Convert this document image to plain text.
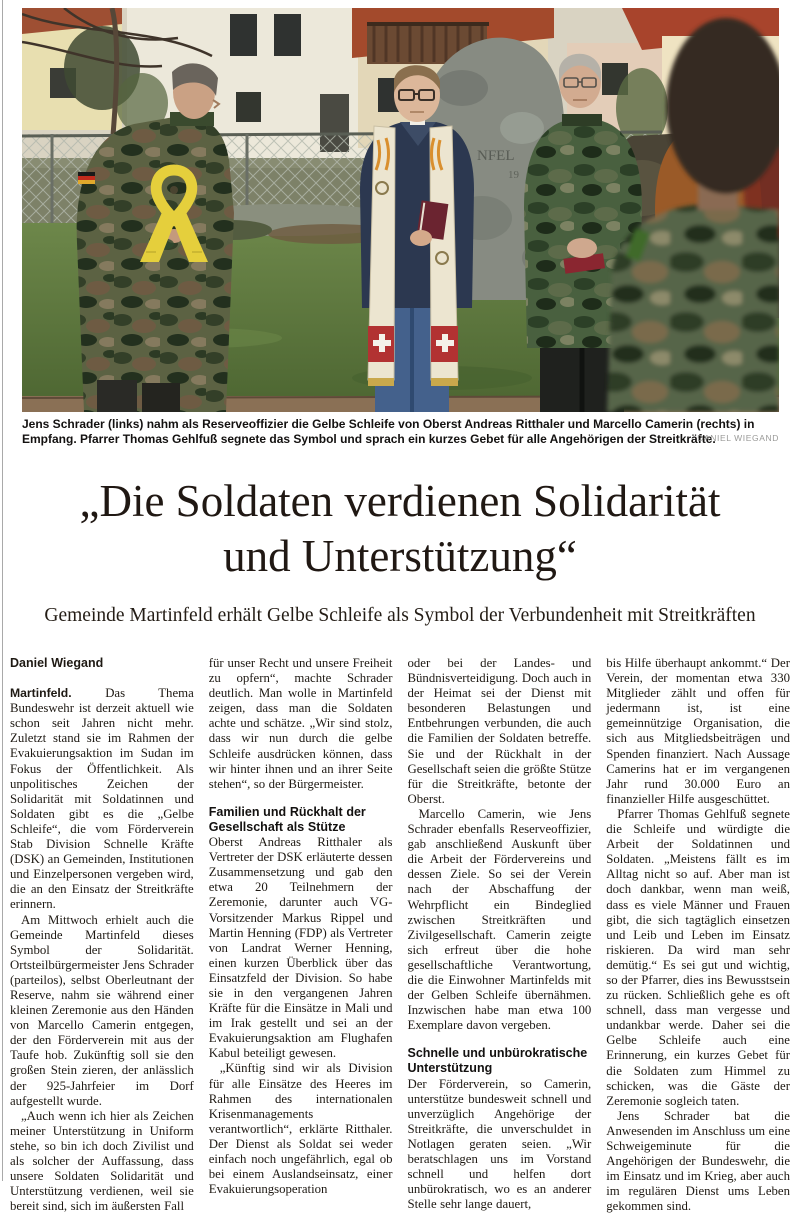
NFEL
19
Jens Schrader (links) nahm als Reserveoffizier die Gelbe Schleife von Oberst Andreas Ritthaler und Marcello Camerin (rechts) in Empfang. Pfarrer Thomas Gehlfuß segnete das Symbol und sprach ein kurzes Gebet für alle Angehörigen der Streitkräfte.
DANIEL WIEGAND
„Die Soldaten verdienen Solidarität
und Unterstützung“
Gemeinde Martinfeld erhält Gelbe Schleife als Symbol der Verbundenheit mit Streitkräften
Daniel Wiegand

Martinfeld. Das Thema Bundeswehr ist derzeit aktuell wie schon seit Jahren nicht mehr. Zuletzt stand sie im Rahmen der Evakuierungsaktion im Sudan im Fokus der Öffentlichkeit. Als unpolitisches Zeichen der Solidarität mit Soldatinnen und Soldaten gibt es die „Gelbe Schleife“, die vom Förderverein Stab Division Schnelle Kräfte (DSK) an Gemeinden, Institutionen und Einzelpersonen vergeben wird, die an den Einsatz der Streitkräfte erinnern.

Am Mittwoch erhielt auch die Gemeinde Martinfeld dieses Symbol der Solidarität. Ortsteilbürgermeister Jens Schrader (parteilos), selbst Oberleutnant der Reserve, nahm sie während einer kleinen Zeremonie aus den Händen von Marcello Camerin entgegen, der den Förderverein mit aus der Taufe hob. Zukünftig soll sie den großen Stein zieren, der anlässlich der 925-Jahrfeier im Dorf aufgestellt wurde.

„Auch wenn ich hier als Zeichen meiner Unterstützung in Uniform stehe, so bin ich doch Zivilist und als solcher der Auffassung, dass unsere Soldaten Solidarität und Unterstützung verdienen, weil sie bereit sind, sich im äußersten Fall

für unser Recht und unsere Freiheit zu opfern“, machte Schrader deutlich. Man wolle in Martinfeld zeigen, dass man die Soldaten achte und schätze. „Wir sind stolz, dass wir nun durch die gelbe Schleife ausdrücken können, dass wir hinter ihnen und an ihrer Seite stehen“, so der Bürgermeister.

Familien und Rückhalt der Gesellschaft als Stütze

Oberst Andreas Ritthaler als Vertreter der DSK erläuterte dessen Zusammensetzung und gab den etwa 20 Teilnehmern der Zeremonie, darunter auch VG-Vorsitzender Markus Rippel und Martin Henning (FDP) als Vertreter von Landrat Werner Henning, einen kurzen Überblick über das Einsatzfeld der Division. So habe sie in den vergangenen Jahren Kräfte für die Einsätze in Mali und im Irak gestellt und sei an der Evakuierungsaktion am Flughafen Kabul beteiligt gewesen.

„Künftig sind wir als Division für alle Einsätze des Heeres im Rahmen des internationalen Krisenmanagements verantwortlich“, erklärte Ritthaler. Der Dienst als Soldat sei weder einfach noch ungefährlich, egal ob bei einem Auslandseinsatz, einer Evakuierungsoperation

oder bei der Landes- und Bündnisverteidigung. Doch auch in der Heimat sei der Dienst mit besonderen Belastungen und Entbehrungen verbunden, die auch die Familien der Soldaten betreffe. Sie und der Rückhalt in der Gesellschaft seien die größte Stütze für die Streitkräfte, betonte der Oberst.

Marcello Camerin, wie Jens Schrader ebenfalls Reserveoffizier, gab anschließend Auskunft über die Arbeit der Fördervereins und dessen Ziele. So sei der Verein nach der Abschaffung der Wehrpflicht ein Bindeglied zwischen Streitkräften und Zivilgesellschaft. Camerin zeigte sich erfreut über die hohe gesellschaftliche Verantwortung, die die Einwohner Martinfelds mit der Gelben Schleife übernähmen. Inzwischen habe man etwa 100 Exemplare davon vergeben.

Schnelle und unbürokratische Unterstützung

Der Förderverein, so Camerin, unterstütze bundesweit schnell und unverzüglich Angehörige der Streitkräfte, die unverschuldet in Notlagen geraten seien. „Wir beratschlagen uns im Vorstand schnell und helfen dort unbürokratisch, wo es an anderer Stelle sehr lange dauert,

bis Hilfe überhaupt ankommt.“ Der Verein, der momentan etwa 330 Mitglieder zählt und offen für jedermann ist, ist eine gemeinnützige Organisation, die sich aus Mitgliedsbeiträgen und Spenden finanziert. Nach Aussage Camerins hat er im vergangenen Jahr rund 30.000 Euro an finanzieller Hilfe ausgeschüttet.

Pfarrer Thomas Gehlfuß segnete die Schleife und würdigte die Arbeit der Soldatinnen und Soldaten. „Meistens fällt es im Alltag nicht so auf. Aber man ist doch dankbar, wenn man weiß, dass es viele Männer und Frauen gibt, die sich tagtäglich einsetzen und Leib und Leben im Einsatz riskieren. Da wird man sehr demütig.“ Es sei gut und wichtig, so der Pfarrer, dies ins Bewusstsein zu rücken. Schließlich gehe es oft schnell, dass man vergesse und undankbar werde. Daher sei die Gelbe Schleife auch eine Erinnerung, ein kurzes Gebet für die Soldaten zum Himmel zu schicken, was die Gäste der Zeremonie sogleich taten.

Jens Schrader bat die Anwesenden im Anschluss um eine Schweigeminute für die Angehörigen der Bundeswehr, die im Einsatz und im Krieg, aber auch im regulären Dienst ums Leben gekommen sind.
